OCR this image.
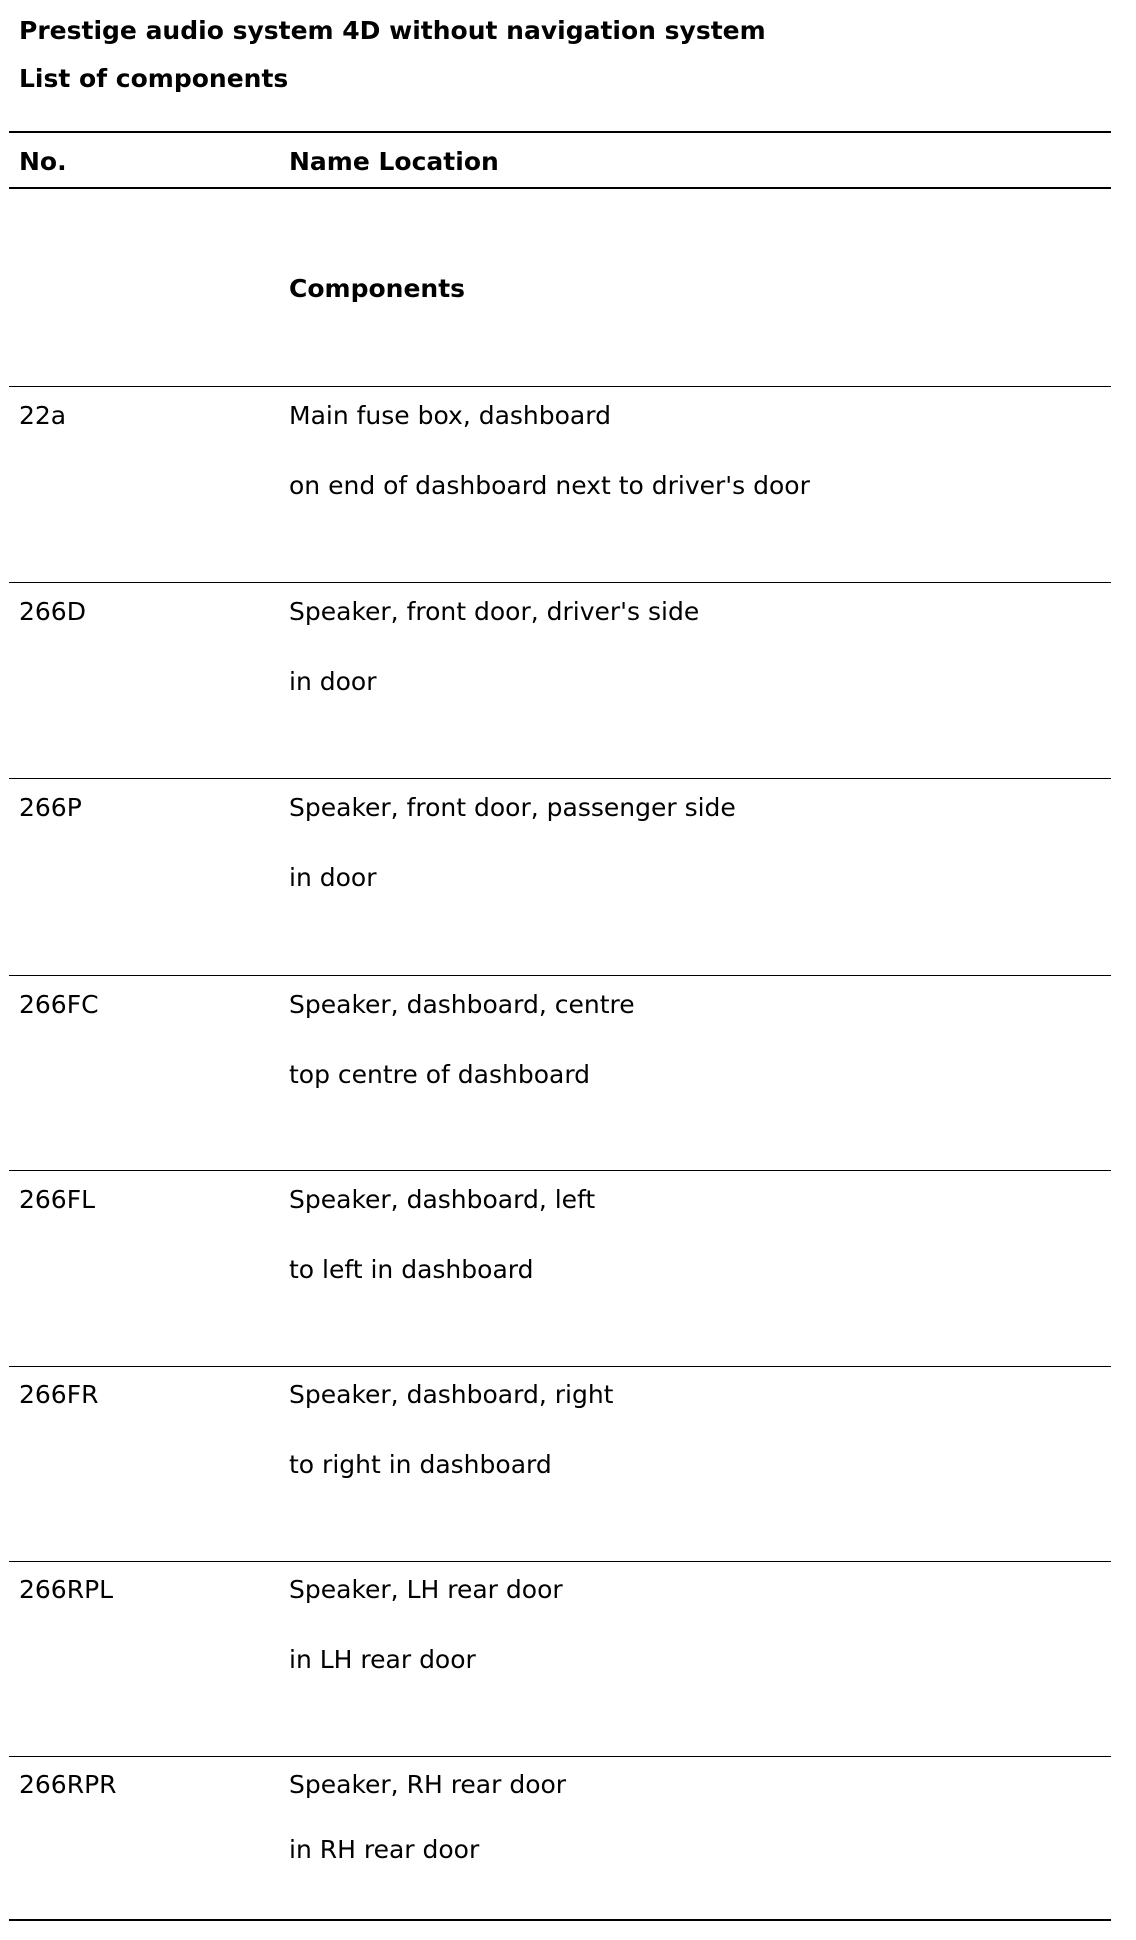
Prestige audio system 4D without navigation system
List of components
No.	Name Location
Components
22a	Main fuse box, dashboard
on end of dashboard next to driver's door
266D	Speaker, front door, driver's side
in door
266P	Speaker, front door, passenger side
in door
266FC	Speaker, dashboard, centre
top centre of dashboard
266FL	Speaker, dashboard, left
to left in dashboard
266FR	Speaker, dashboard, right
to right in dashboard
266RPL	Speaker, LH rear door
in LH rear door
266RPR	Speaker, RH rear door
in RH rear door
